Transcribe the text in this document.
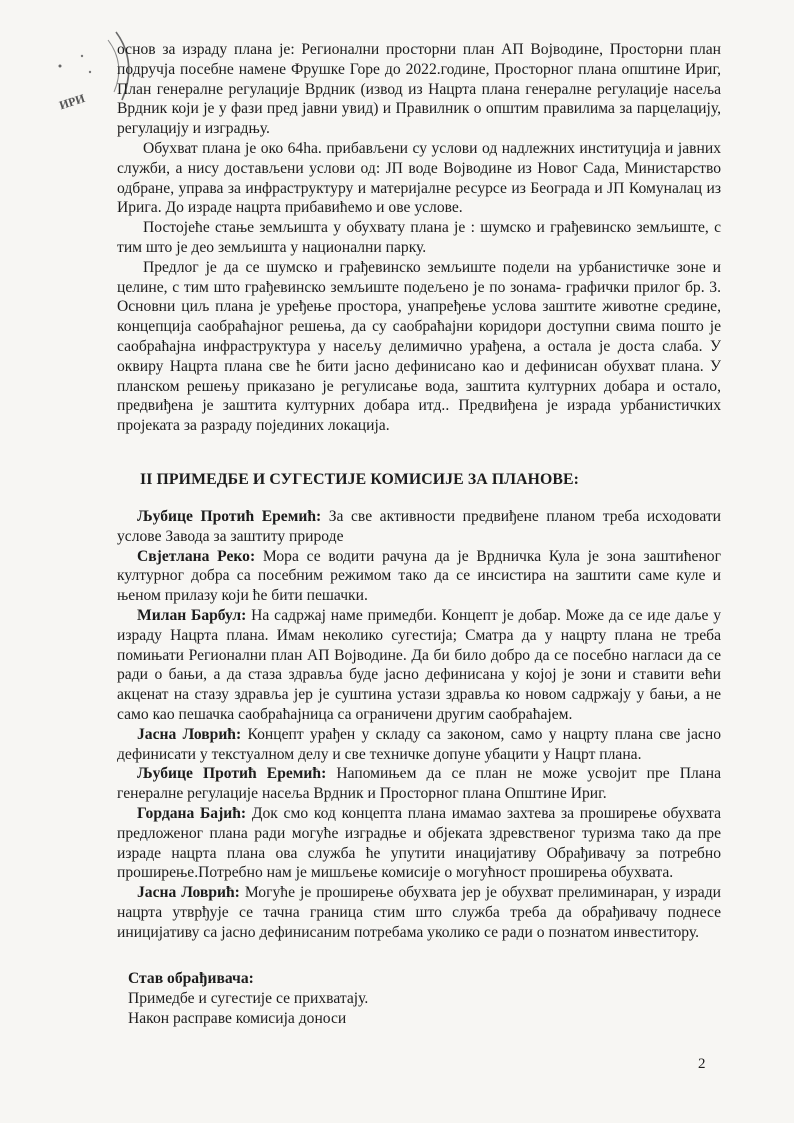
ИРИ

основ за израду плана је: Регионални просторни план АП Војводине, Просторни план подручја посебне намене Фрушке Горе до 2022.године, Просторног плана општине Ириг, План генералне регулације Врдник (извод из Нацрта плана генералне регулације насеља Врдник који је у фази пред јавни увид) и Правилник о општим правилима за парцелацију, регулацију и изградњу.

Обухват плана је око 64ha. прибављени су услови од надлежних институција и јавних служби, а нису достављени услови од: ЈП воде Војводине из Новог Сада, Министарство одбране, управа за инфраструктуру и материјалне ресурсе из Београда и ЈП Комуналац из Ирига. До израде нацрта прибавићемо и ове услове.

Постојеће стање земљишта у обухвату плана је : шумско и грађевинско земљиште, с тим што је део земљишта у национални парку.

Предлог је да се шумско и грађевинско земљиште подели на урбанистичке зоне и целине, с тим што грађевинско земљиште подељено је по зонама- графички прилог бр. 3. Основни циљ плана је уређење простора, унапређење услова заштите животне средине, концепција саобраћајног решења, да су саобраћајни коридори доступни свима пошто је саобраћајна инфраструктура у насељу делимично урађена, а остала је доста слаба. У оквиру Нацрта плана све ће бити јасно дефинисано као и дефинисан обухват плана. У планском решењу приказано је регулисање вода, заштита културних добара и остало, предвиђена је заштита културних добара итд.. Предвиђена је израда урбанистичких пројеката за разраду појединих локација.

II ПРИМЕДБЕ И СУГЕСТИЈЕ КОМИСИЈЕ ЗА ПЛАНОВЕ:

Љубице Протић Еремић: За све активности предвиђене планом треба исходовати услове Завода за заштиту природе

Свјетлана Реко: Мора се водити рачуна да је Врдничка Кула је зона заштићеног културног добра са посебним режимом тако да се инсистира на заштити саме куле и њеном прилазу који ће бити пешачки.

Милан Барбул: На садржај наме примедби. Концепт је добар. Може да се иде даље у израду Нацрта плана. Имам неколико сугестија; Сматра да у нацрту плана не треба помињати Регионални план АП Војводине. Да би било добро да се посебно нагласи да се ради о бањи, а да стаза здравља буде јасно дефинисана у којој је зони и ставити већи акценат на стазу здравља јер је суштина устази здравља ко новом садржају у бањи, а не само као пешачка саобраћајница са ограничени другим саобраћајем.

Јасна Ловрић: Концепт урађен у складу са законом, само у нацрту плана све јасно дефинисати у текстуалном делу и све техничке допуне убацити у Нацрт плана.

Љубице Протић Еремић: Напомињем да се план не може усвојит пре Плана генералне регулације насеља Врдник и Просторног плана Општине Ириг.

Гордана Бајић: Док смо код концепта плана имамао захтева за проширење обухвата предложеног плана ради могуће изградње и објеката здревственог туризма тако да пре израде нацрта плана ова служба ће упутити инацијативу Обрађивачу за потребно проширење.Потребно нам је мишљење комисије о могућност проширења обухвата.

Јасна Ловрић: Могуће је проширење обухвата јер је обухват прелиминаран, у изради нацрта утврђује се тачна граница стим што служба треба да обрађивачу поднесе иницијативу са јасно дефинисаним потребама уколико се ради о познатом инвеститору.

Став обрађивача:
Примедбе и сугестије се прихватају.
Након расправе комисија доноси
2
